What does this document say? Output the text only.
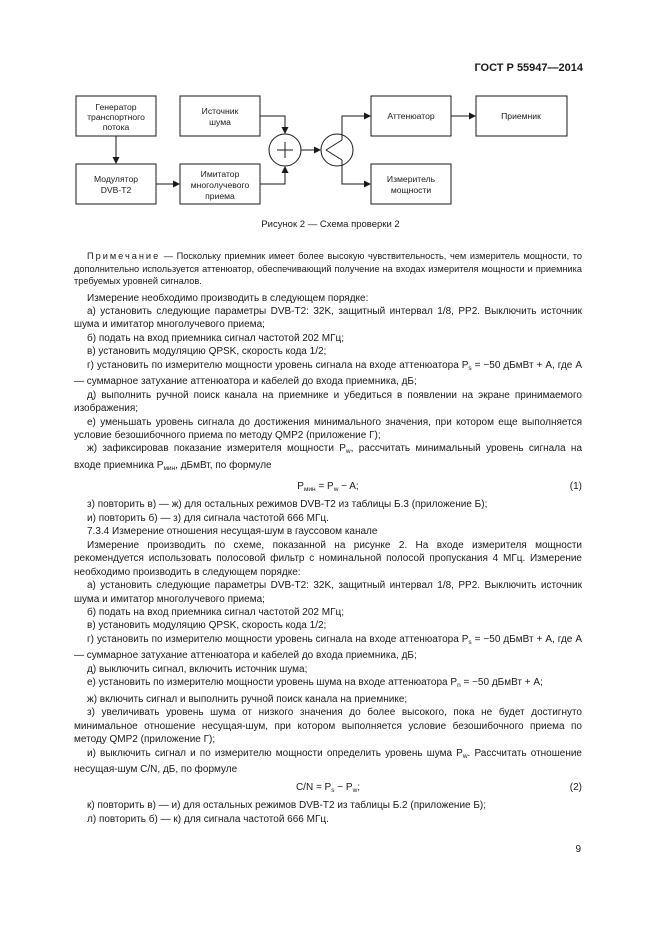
ГОСТ Р 55947—2014
Генератор
транспортного
потока
Источник
шума
Модулятор
DVB-T2
Имитатор
многолучевого
приема
Аттенюатор	Приемник
Измеритель
мощности
Рисунок 2 — Схема проверки 2
Примечание — Поскольку приемник имеет более высокую чувствительность, чем измеритель мощности, то дополнительно используется аттенюатор, обеспечивающий получение на входах измерителя мощности и приемника требуемых уровней сигналов.
Измерение необходимо производить в следующем порядке:
а) установить следующие параметры DVB-T2: 32K, защитный интервал 1/8, PP2. Выключить источник шума и имитатор многолучевого приема;
б) подать на вход приемника сигнал частотой 202 МГц;
в) установить модуляцию QPSK, скорость кода 1/2;
г) установить по измерителю мощности уровень сигнала на входе аттенюатора $P_s = -50$ дБмВт + A, где A — суммарное затухание аттенюатора и кабелей до входа приемника, дБ;
д) выполнить ручной поиск канала на приемнике и убедиться в появлении на экране принимаемого изображения;
е) уменьшать уровень сигнала до достижения минимального значения, при котором еще выполняется условие безошибочного приема по методу QMP2 (приложение Г);
ж) зафиксировав показание измерителя мощности $P_w$, рассчитать минимальный уровень сигнала на входе приемника $P_{мин}$, дБмВт, по формуле
$P_{мин} = P_w - A$;	(1)
з) повторить в) — ж) для остальных режимов DVB-T2 из таблицы Б.3 (приложение Б);
и) повторить б) — з) для сигнала частотой 666 МГц.
7.3.4 Измерение отношения несущая-шум в гауссовом канале
Измерение производить по схеме, показанной на рисунке 2. На входе измерителя мощности рекомендуется использовать полосовой фильтр с номинальной полосой пропускания 4 МГц. Измерение необходимо производить в следующем порядке:
а) установить следующие параметры DVB-T2: 32K, защитный интервал 1/8, PP2. Выключить источник шума и имитатор многолучевого приема;
б) подать на вход приемника сигнал частотой 202 МГц;
в) установить модуляцию QPSK, скорость кода 1/2;
г) установить по измерителю мощности уровень сигнала на входе аттенюатора $P_s = -50$ дБмВт + A, где A — суммарное затухание аттенюатора и кабелей до входа приемника, дБ;
д) выключить сигнал, включить источник шума;
е) установить по измерителю мощности уровень шума на входе аттенюатора $P_n = -50$ дБмВт + A;
ж) включить сигнал и выполнить ручной поиск канала на приемнике;
з) увеличивать уровень шума от низкого значения до более высокого, пока не будет достигнуто минимальное отношение несущая-шум, при котором выполняется условие безошибочного приема по методу QMP2 (приложение Г);
и) выключить сигнал и по измерителю мощности определить уровень шума $P_w$. Рассчитать отношение несущая-шум C/N, дБ, по формуле
$C/N = P_s - P_w$;	(2)
к) повторить в) — и) для остальных режимов DVB-T2 из таблицы Б.2 (приложение Б);
л) повторить б) — к) для сигнала частотой 666 МГц.
9
